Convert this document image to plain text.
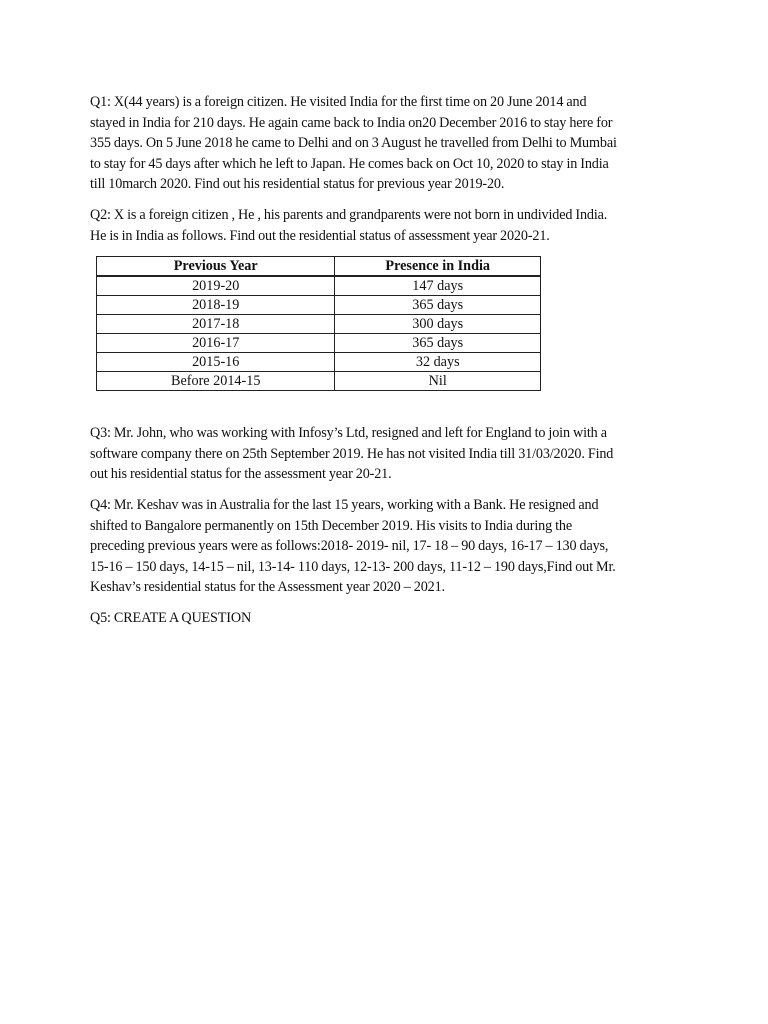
Q1: X(44 years) is a foreign citizen. He visited India for the first time on 20 June 2014 and
stayed in India for 210 days. He again came back to India on20 December 2016 to stay here for
355 days. On 5 June 2018 he came to Delhi and on 3 August he travelled from Delhi to Mumbai
to stay for 45 days after which he left to Japan. He comes back on Oct 10, 2020 to stay in India
till 10march 2020. Find out his residential status for previous year 2019-20.

Q2: X is a foreign citizen , He , his parents and grandparents were not born in undivided India.
He is in India as follows. Find out the residential status of assessment year 2020-21.

Previous Year	Presence in India
2019-20	147 days
2018-19	365 days
2017-18	300 days
2016-17	365 days
2015-16	32 days
Before 2014-15	Nil

Q3: Mr. John, who was working with Infosy’s Ltd, resigned and left for England to join with a
software company there on 25th September 2019. He has not visited India till 31/03/2020. Find
out his residential status for the assessment year 20-21.

Q4: Mr. Keshav was in Australia for the last 15 years, working with a Bank. He resigned and
shifted to Bangalore permanently on 15th December 2019. His visits to India during the
preceding previous years were as follows:2018- 2019- nil, 17- 18 – 90 days, 16-17 – 130 days,
15-16 – 150 days, 14-15 – nil, 13-14- 110 days, 12-13- 200 days, 11-12 – 190 days,Find out Mr.
Keshav’s residential status for the Assessment year 2020 – 2021.

Q5: CREATE A QUESTION
